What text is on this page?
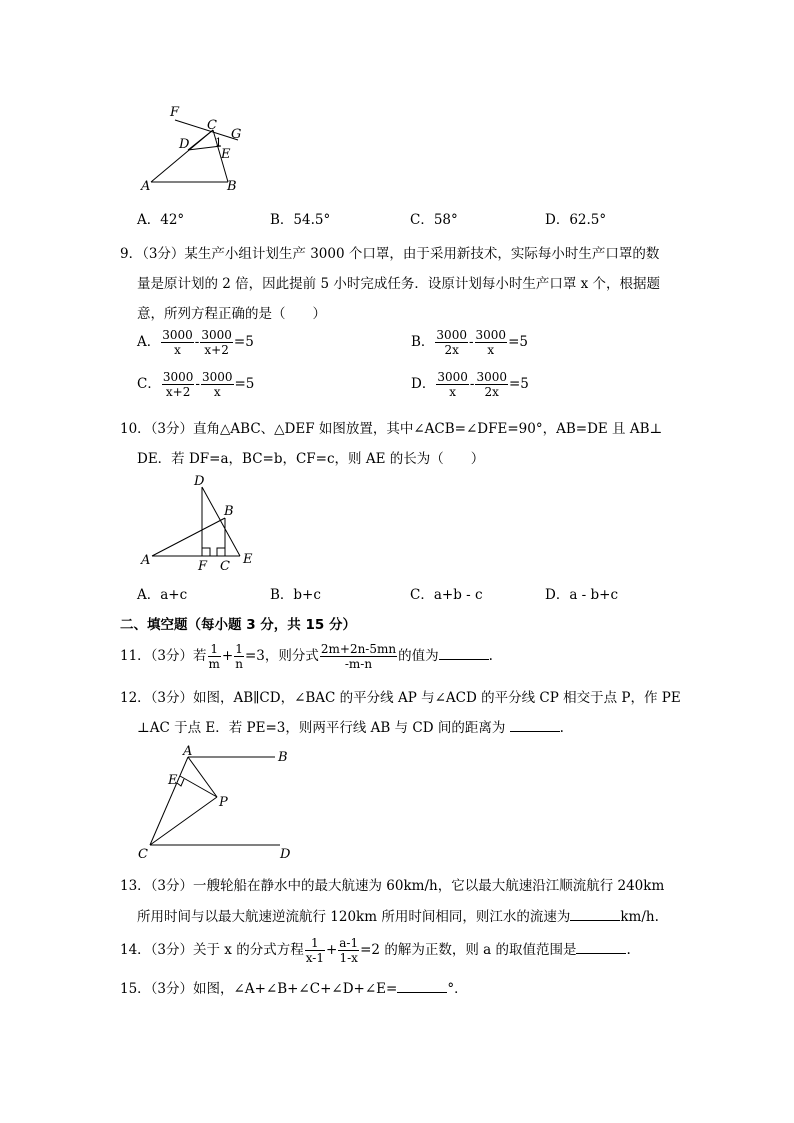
F
C
G
D 1
E
A	B
A．42°	B．54.5°	C．58°	D．62.5°
9．（3分）某生产小组计划生产 3000 个口罩，由于采用新技术，实际每小时生产口罩的数
量是原计划的 2 倍，因此提前 5 小时完成任务．设原计划每小时生产口罩 x 个，根据题
意，所列方程正确的是（　　）
A． $\frac{3000}{x} - \frac{3000}{x+2} =5$	B． $\frac{3000}{2x} - \frac{3000}{x} =5$
C． $\frac{3000}{x+2} - \frac{3000}{x} =5$	D． $\frac{3000}{x} - \frac{3000}{2x} =5$
10．（3分）直角△ABC、△DEF 如图放置，其中∠ACB=∠DFE=90°，AB=DE 且 AB⊥
DE．若 DF=a，BC=b，CF=c，则 AE 的长为（　　）
D
B
A	F C E
A．a+c	B．b+c	C．a+b - c	D．a - b+c
二、填空题（每小题 3 分，共 15 分）
11．（3分）若 $\frac{1}{m} + \frac{1}{n} =3$，则分式 $\frac{2m+2n-5mn}{-m-n}$ 的值为	.
12．（3分）如图，AB∥CD，∠BAC 的平分线 AP 与∠ACD 的平分线 CP 相交于点 P，作 PE
⊥AC 于点 E．若 PE=3，则两平行线 AB 与 CD 间的距离为	.
A	B
E
P
C	D
13．（3分）一艘轮船在静水中的最大航速为 60km/h，它以最大航速沿江顺流航行 240km
所用时间与以最大航速逆流航行 120km 所用时间相同，则江水的流速为	km/h.
14．（3分）关于 x 的分式方程 $\frac{1}{x-1} + \frac{a-1}{1-x} =2$ 的解为正数，则 a 的取值范围是	.
15．（3分）如图，∠A+∠B+∠C+∠D+∠E=	°．
